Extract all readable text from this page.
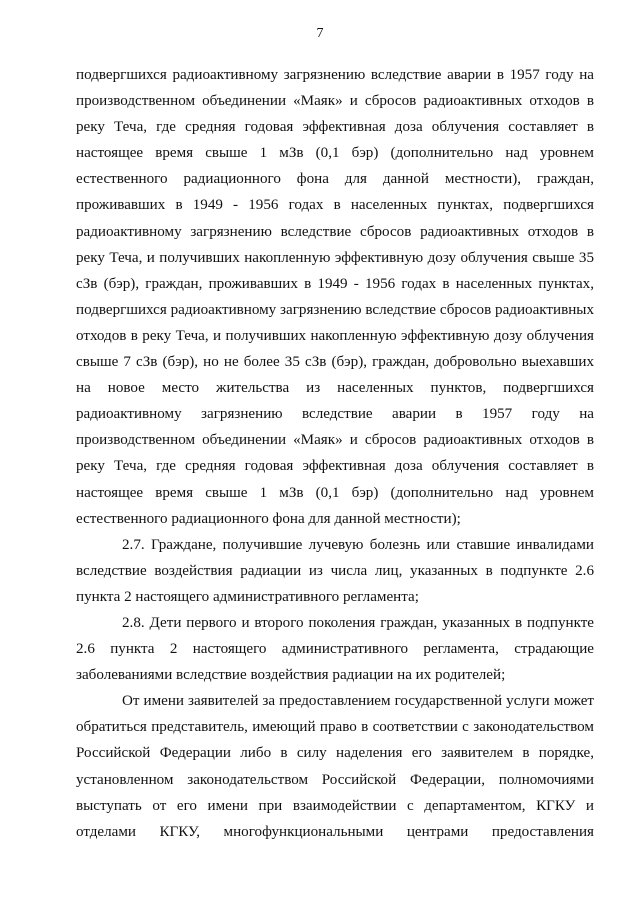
7

подвергшихся радиоактивному загрязнению вследствие аварии в 1957 году на производственном объединении «Маяк» и сбросов радиоактивных отходов в реку Теча, где средняя годовая эффективная доза облучения составляет в настоящее время свыше 1 мЗв (0,1 бэр) (дополнительно над уровнем естественного радиационного фона для данной местности), граждан, проживавших в 1949 - 1956 годах в населенных пунктах, подвергшихся радиоактивному загрязнению вследствие сбросов радиоактивных отходов в реку Теча, и получивших накопленную эффективную дозу облучения свыше 35 сЗв (бэр), граждан, проживавших в 1949 - 1956 годах в населенных пунктах, подвергшихся радиоактивному загрязнению вследствие сбросов радиоактивных отходов в реку Теча, и получивших накопленную эффективную дозу облучения свыше 7 сЗв (бэр), но не более 35 сЗв (бэр), граждан, добровольно выехавших на новое место жительства из населенных пунктов, подвергшихся радиоактивному загрязнению вследствие аварии в 1957 году на производственном объединении «Маяк» и сбросов радиоактивных отходов в реку Теча, где средняя годовая эффективная доза облучения составляет в настоящее время свыше 1 мЗв (0,1 бэр) (дополнительно над уровнем естественного радиационного фона для данной местности);

2.7. Граждане, получившие лучевую болезнь или ставшие инвалидами вследствие воздействия радиации из числа лиц, указанных в подпункте 2.6 пункта 2 настоящего административного регламента;

2.8. Дети первого и второго поколения граждан, указанных в подпункте 2.6 пункта 2 настоящего административного регламента, страдающие заболеваниями вследствие воздействия радиации на их родителей;

От имени заявителей за предоставлением государственной услуги может обратиться представитель, имеющий право в соответствии с законодательством Российской Федерации либо в силу наделения его заявителем в порядке, установленном законодательством Российской Федерации, полномочиями выступать от его имени при взаимодействии с департаментом, КГКУ и отделами КГКУ, многофункциональными центрами предоставления
